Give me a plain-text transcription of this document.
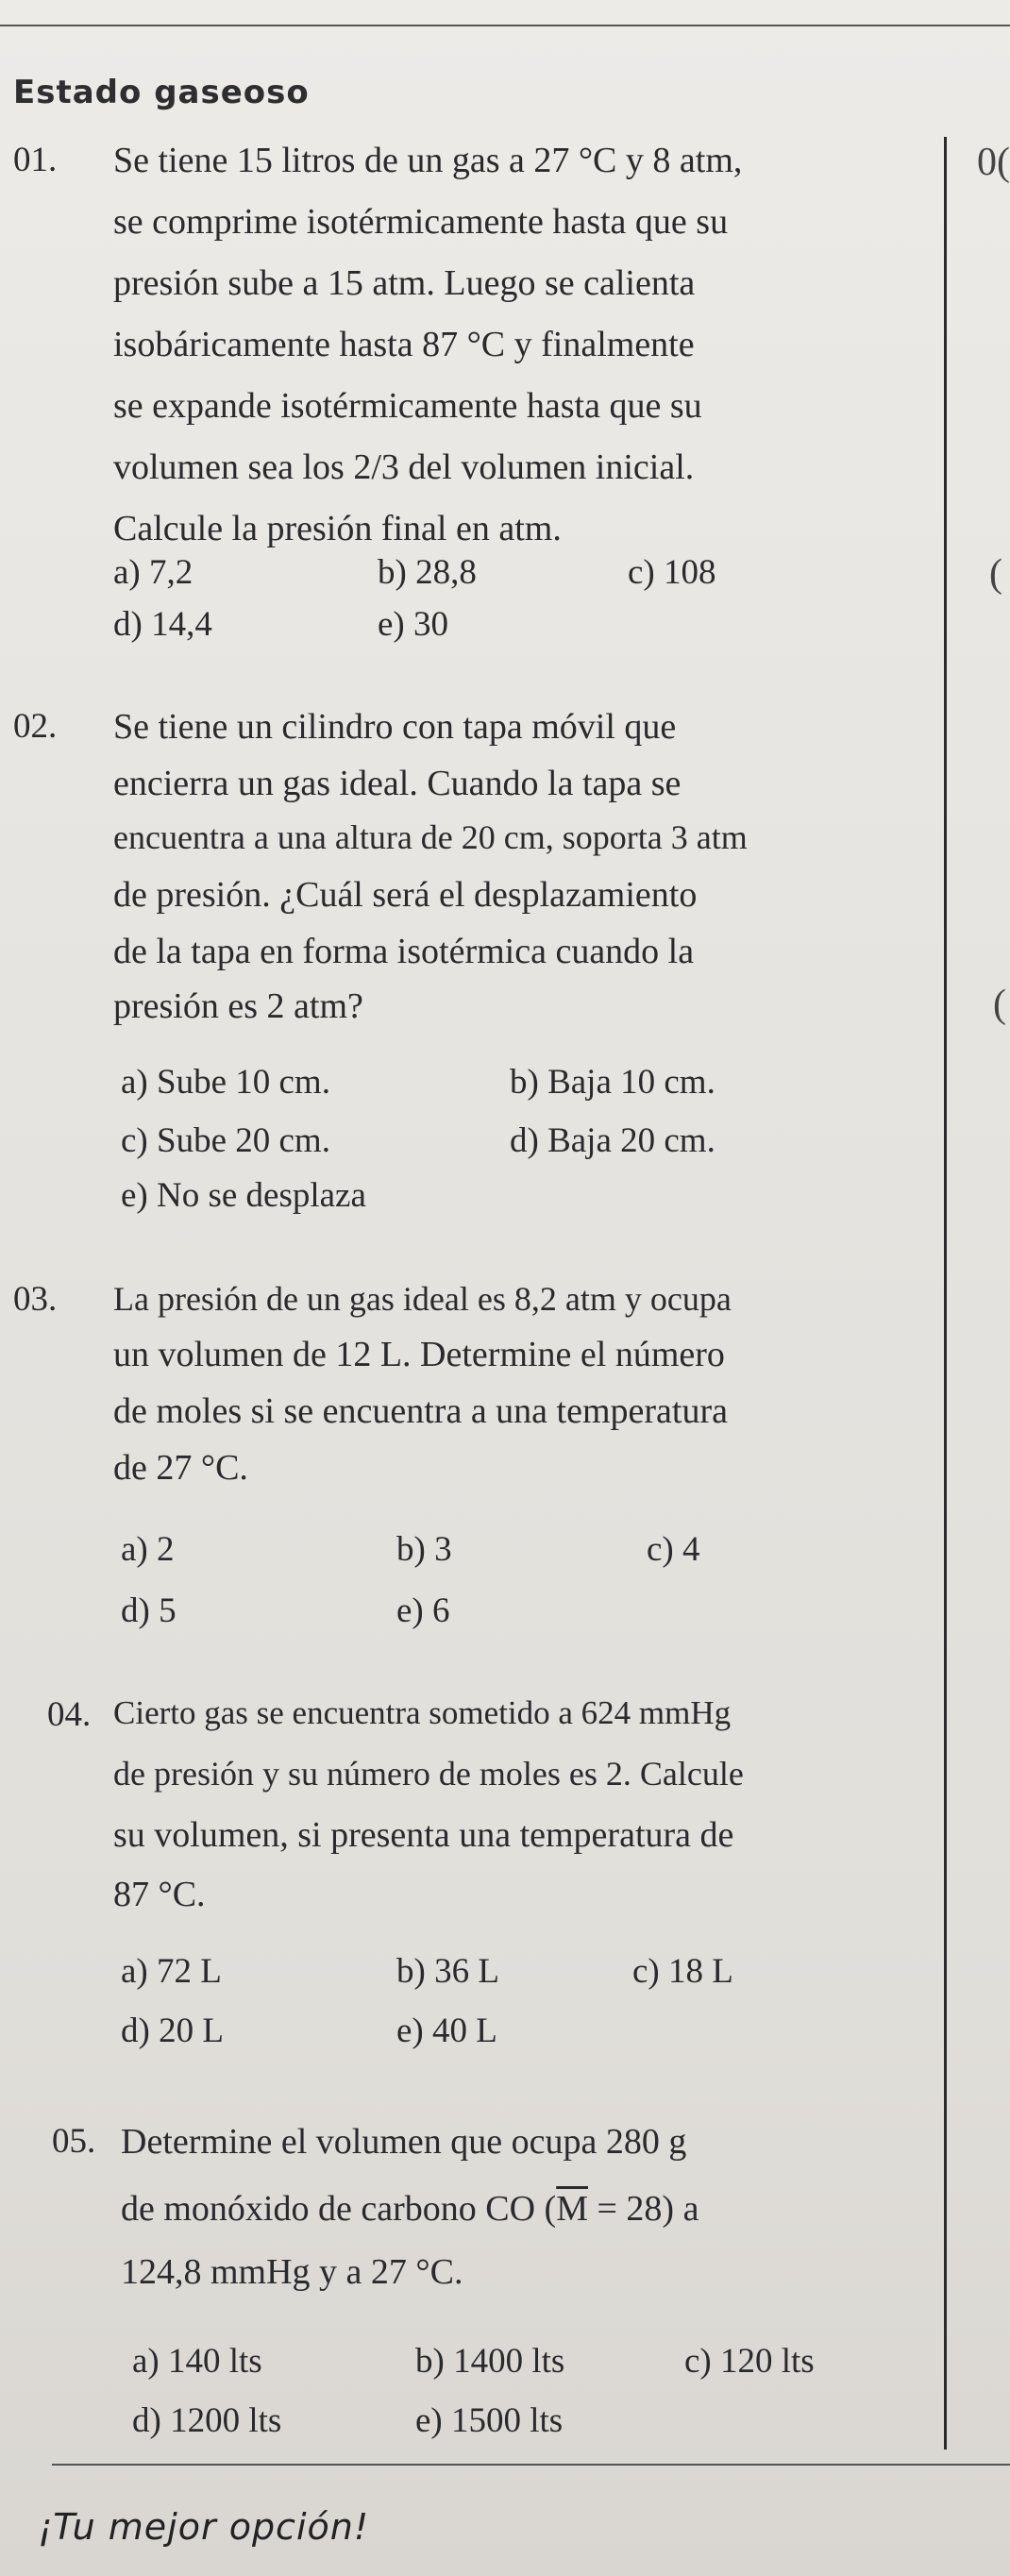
0(
(
(
Estado gaseoso
01. Se tiene 15 litros de un gas a 27 °C y 8 atm,
se comprime isotérmicamente hasta que su
presión sube a 15 atm. Luego se calienta
isobáricamente hasta 87 °C y finalmente
se expande isotérmicamente hasta que su
volumen sea los 2/3 del volumen inicial.
Calcule la presión final en atm.
a) 7,2	b) 28,8	c) 108
d) 14,4	e) 30
02. Se tiene un cilindro con tapa móvil que
encierra un gas ideal. Cuando la tapa se
encuentra a una altura de 20 cm, soporta 3 atm
de presión. ¿Cuál será el desplazamiento
de la tapa en forma isotérmica cuando la
presión es 2 atm?
a) Sube 10 cm.	b) Baja 10 cm.
c) Sube 20 cm.	d) Baja 20 cm.
e) No se desplaza
03. La presión de un gas ideal es 8,2 atm y ocupa
un volumen de 12 L. Determine el número
de moles si se encuentra a una temperatura
de 27 °C.
a) 2	b) 3	c) 4
d) 5	e) 6
04. Cierto gas se encuentra sometido a 624 mmHg
de presión y su número de moles es 2. Calcule
su volumen, si presenta una temperatura de
87 °C.
a) 72 L	b) 36 L	c) 18 L
d) 20 L	e) 40 L
05. Determine el volumen que ocupa 280 g
de monóxido de carbono CO $(\overline{M} = 28)$ a
124,8 mmHg y a 27 °C.
a) 140 lts	b) 1400 lts	c) 120 lts
d) 1200 lts	e) 1500 lts
¡Tu mejor opción!
